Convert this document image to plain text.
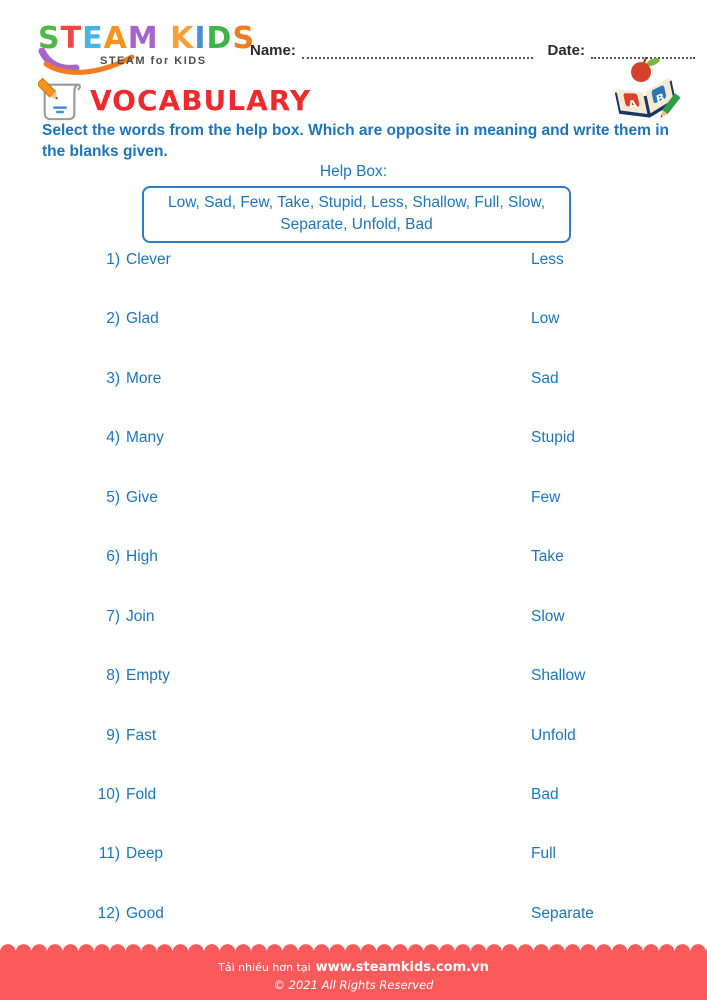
STEAM KIDS
STEAM for KIDS
Name:	Date:
VOCABULARY	A B
Select the words from the help box. Which are opposite in meaning and write them in the blanks given.
Help Box:
Low, Sad, Few, Take, Stupid, Less, Shallow, Full, Slow, Separate, Unfold, Bad
1) Clever	Less
2) Glad	Low
3) More	Sad
4) Many	Stupid
5) Give	Few
6) High	Take
7) Join	Slow
8) Empty	Shallow
9) Fast	Unfold
10) Fold	Bad
11) Deep	Full
12) Good	Separate
Tải nhiều hơn tại www.steamkids.com.vn
© 2021 All Rights Reserved
